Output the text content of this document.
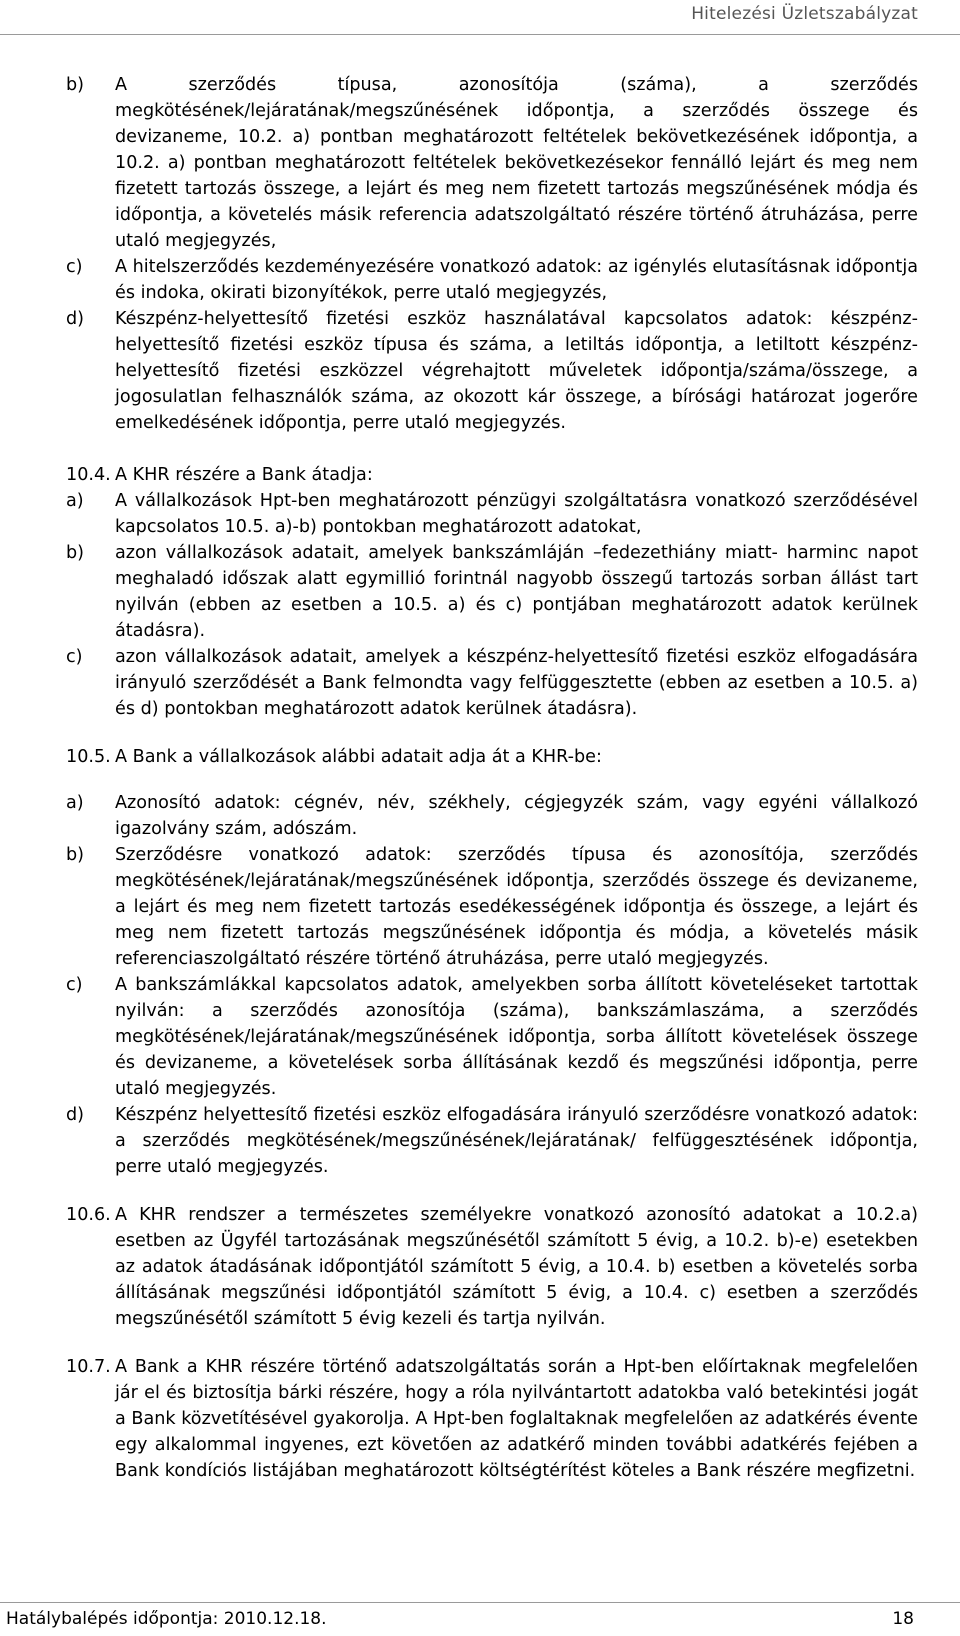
Hitelezési Üzletszabályzat
b)	A szerződés típusa, azonosítója (száma), a szerződés megkötésének/lejáratának/megszűnésének időpontja, a szerződés összege és devizaneme, 10.2. a) pontban meghatározott feltételek bekövetkezésének időpontja, a 10.2. a) pontban meghatározott feltételek bekövetkezésekor fennálló lejárt és meg nem fizetett tartozás összege, a lejárt és meg nem fizetett tartozás megszűnésének módja és időpontja, a követelés másik referencia adatszolgáltató részére történő átruházása, perre utaló megjegyzés,
c)	A hitelszerződés kezdeményezésére vonatkozó adatok: az igénylés elutasításnak időpontja és indoka, okirati bizonyítékok, perre utaló megjegyzés,
d)	Készpénz-helyettesítő fizetési eszköz használatával kapcsolatos adatok: készpénz-helyettesítő fizetési eszköz típusa és száma, a letiltás időpontja, a letiltott készpénz-helyettesítő fizetési eszközzel végrehajtott műveletek időpontja/száma/összege, a jogosulatlan felhasználók száma, az okozott kár összege, a bírósági határozat jogerőre emelkedésének időpontja, perre utaló megjegyzés.
10.4. A KHR részére a Bank átadja:
a)	A vállalkozások Hpt-ben meghatározott pénzügyi szolgáltatásra vonatkozó szerződésével kapcsolatos 10.5. a)-b) pontokban meghatározott adatokat,
b)	azon vállalkozások adatait, amelyek bankszámláján –fedezethiány miatt- harminc napot meghaladó időszak alatt egymillió forintnál nagyobb összegű tartozás sorban állást tart nyilván (ebben az esetben a 10.5. a) és c) pontjában meghatározott adatok kerülnek átadásra).
c)	azon vállalkozások adatait, amelyek a készpénz-helyettesítő fizetési eszköz elfogadására irányuló szerződését a Bank felmondta vagy felfüggesztette (ebben az esetben a 10.5. a) és d) pontokban meghatározott adatok kerülnek átadásra).
10.5. A Bank a vállalkozások alábbi adatait adja át a KHR-be:
a)	Azonosító adatok: cégnév, név, székhely, cégjegyzék szám, vagy egyéni vállalkozó igazolvány szám, adószám.
b)	Szerződésre vonatkozó adatok: szerződés típusa és azonosítója, szerződés megkötésének/lejáratának/megszűnésének időpontja, szerződés összege és devizaneme, a lejárt és meg nem fizetett tartozás esedékességének időpontja és összege, a lejárt és meg nem fizetett tartozás megszűnésének időpontja és módja, a követelés másik referenciaszolgáltató részére történő átruházása, perre utaló megjegyzés.
c)	A bankszámlákkal kapcsolatos adatok, amelyekben sorba állított követeléseket tartottak nyilván: a szerződés azonosítója (száma), bankszámlaszáma, a szerződés megkötésének/lejáratának/megszűnésének időpontja, sorba állított követelések összege és devizaneme, a követelések sorba állításának kezdő és megszűnési időpontja, perre utaló megjegyzés.
d)	Készpénz helyettesítő fizetési eszköz elfogadására irányuló szerződésre vonatkozó adatok: a szerződés megkötésének/megszűnésének/lejáratának/ felfüggesztésének időpontja, perre utaló megjegyzés.
10.6. A KHR rendszer a természetes személyekre vonatkozó azonosító adatokat a 10.2.a) esetben az Ügyfél tartozásának megszűnésétől számított 5 évig, a 10.2. b)-e) esetekben az adatok átadásának időpontjától számított 5 évig, a 10.4. b) esetben a követelés sorba állításának megszűnési időpontjától számított 5 évig, a 10.4. c) esetben a szerződés megszűnésétől számított 5 évig kezeli és tartja nyilván.
10.7. A Bank a KHR részére történő adatszolgáltatás során a Hpt-ben előírtaknak megfelelően jár el és biztosítja bárki részére, hogy a róla nyilvántartott adatokba való betekintési jogát a Bank közvetítésével gyakorolja. A Hpt-ben foglaltaknak megfelelően az adatkérés évente egy alkalommal ingyenes, ezt követően az adatkérő minden további adatkérés fejében a Bank kondíciós listájában meghatározott költségtérítést köteles a Bank részére megfizetni.
Hatálybalépés időpontja: 2010.12.18.	18
